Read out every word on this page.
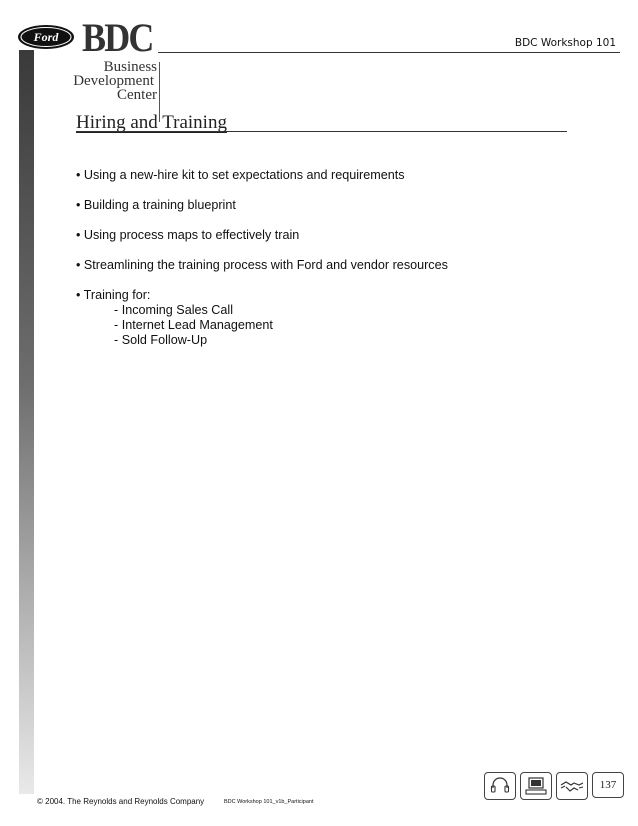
BDC Workshop 101
Ford BDC
Business
Development
Center
Hiring and Training
• Using a new-hire kit to set expectations and requirements
• Building a training blueprint
• Using process maps to effectively train
• Streamlining the training process with Ford and vendor resources
• Training for:
- Incoming Sales Call
- Internet Lead Management
- Sold Follow-Up
© 2004. The Reynolds and Reynolds Company	BDC Workshop 101_v1b_Participant
137
